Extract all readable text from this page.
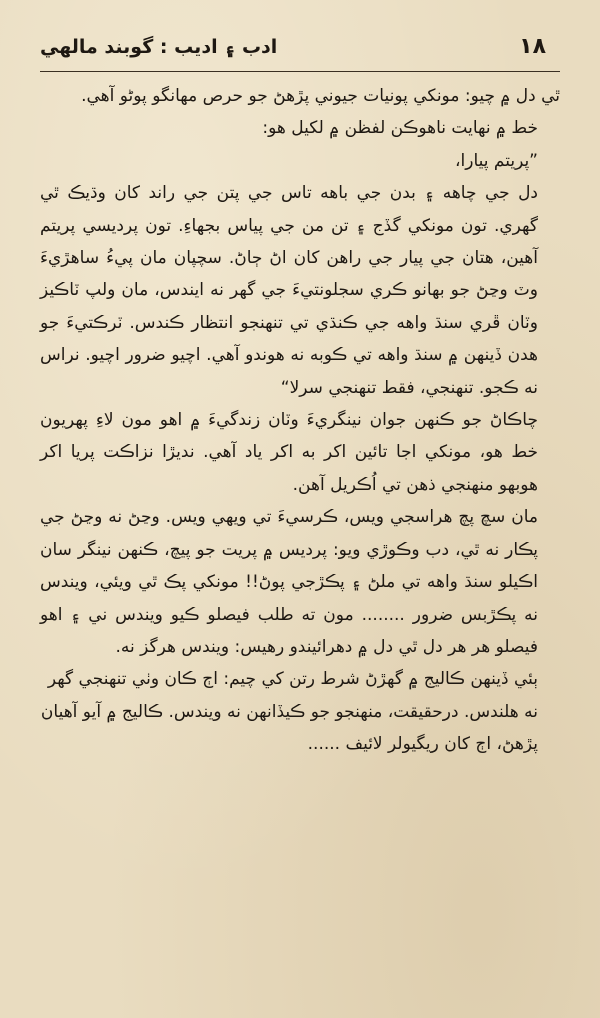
١٨
ادب ۽ اديب : گوبند مالهي

ٿي دل ۾ چيو: مونکي پونيات جيوني پڙهڻ جو حرص مهانگو پوڻو آهي.

خط ۾ نهايت ناهوڪن لفظن ۾ لکيل هو:

”پريتم پيارا،

دل جي چاهه ۽ بدن جي باهه تاس جي پتن جي راند کان وڌيڪ ٿي گهري. تون مونکي گڏج ۽ تن من جي پياس بجهاءِ. تون پرديسي پريتم آهين، هتان جي پيار جي راهن کان اڻ ڄاڻ. سچپان مان پيءُ ساهڙيءَ وٽ وڃڻ جو بهانو ڪري سجلونتيءَ جي گهر نه ايندس، مان ولپ ٽاڪيز وٽان ڦري سنڌ واهه جي ڪنڌي تي تنهنجو انتظار ڪندس. ٽرڪتيءَ جو هدن ڏينهن ۾ سنڌ واهه تي ڪوبه نه هوندو آهي. اچيو ضرور اچيو. نراس نه ڪجو. تنهنجي، فقط تنهنجي سرلا“

چاڪاڻ جو ڪنهن جوان نينگريءَ وٽان زندگيءَ ۾ اهو مون لاءِ پهريون خط هو، مونکي اجا تائين اکر به اکر ياد آهي. نديڙا نزاڪت پريا اکر هوبهو منهنجي ذهن تي اُڪريل آهن.

مان سچ پچ هراسجي ويس، ڪرسيءَ تي ويهي ويس. وڃڻ نه وڃڻ جي پڪار نه ٿي، دب وڪوڙي ويو: پرديس ۾ پريت جو پيچ، ڪنهن نينگر سان اڪيلو سنڌ واهه تي ملڻ ۽ پڪڙجي پوڻ!! مونکي پڪ ٿي ويئي، ويندس نه پڪڙبس ضرور ........ مون ته طلب فيصلو ڪيو ويندس ني ۽ اهو فيصلو هر هر دل ٿي دل ۾ دهرائيندو رهيس: ويندس هرگز نه.

ٻئي ڏينهن ڪاليج ۾ گهڙڻ شرط رتن کي چيم: اڄ ڪان وٺي تنهنجي گهر نه هلندس. درحقيقت، منهنجو جو ڪيڏانهن نه ويندس. ڪاليج ۾ آيو آهيان پڙهڻ، اڄ کان ريگيولر لائيف ......
